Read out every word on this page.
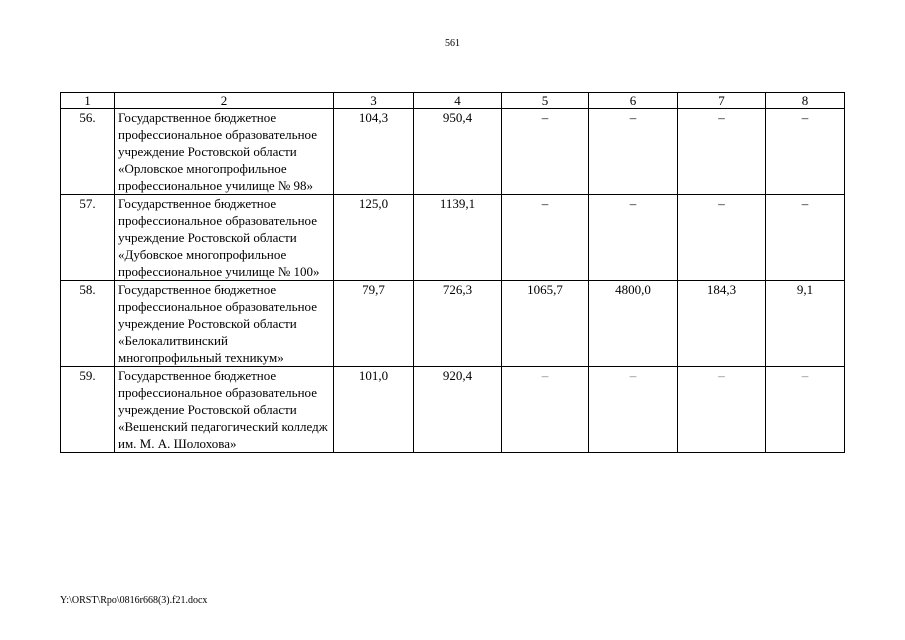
561
1	2	3	4	5	6	7	8
56.	Государственное бюджетное профессиональное образовательное учреждение Ростовской области «Орловское многопрофильное профессиональное училище № 98»	104,3	950,4	–	–	–	–
57.	Государственное бюджетное профессиональное образовательное учреждение Ростовской области «Дубовское многопрофильное профессиональное училище № 100»	125,0	1139,1	–	–	–	–
58.	Государственное бюджетное профессиональное образовательное учреждение Ростовской области «Белокалитвинский многопрофильный техникум»	79,7	726,3	1065,7	4800,0	184,3	9,1
59.	Государственное бюджетное профессиональное образовательное учреждение Ростовской области «Вешенский педагогический колледж им. М. А. Шолохова»	101,0	920,4	–	–	–	–
Y:\ORST\Rpo\0816r668(3).f21.docx
